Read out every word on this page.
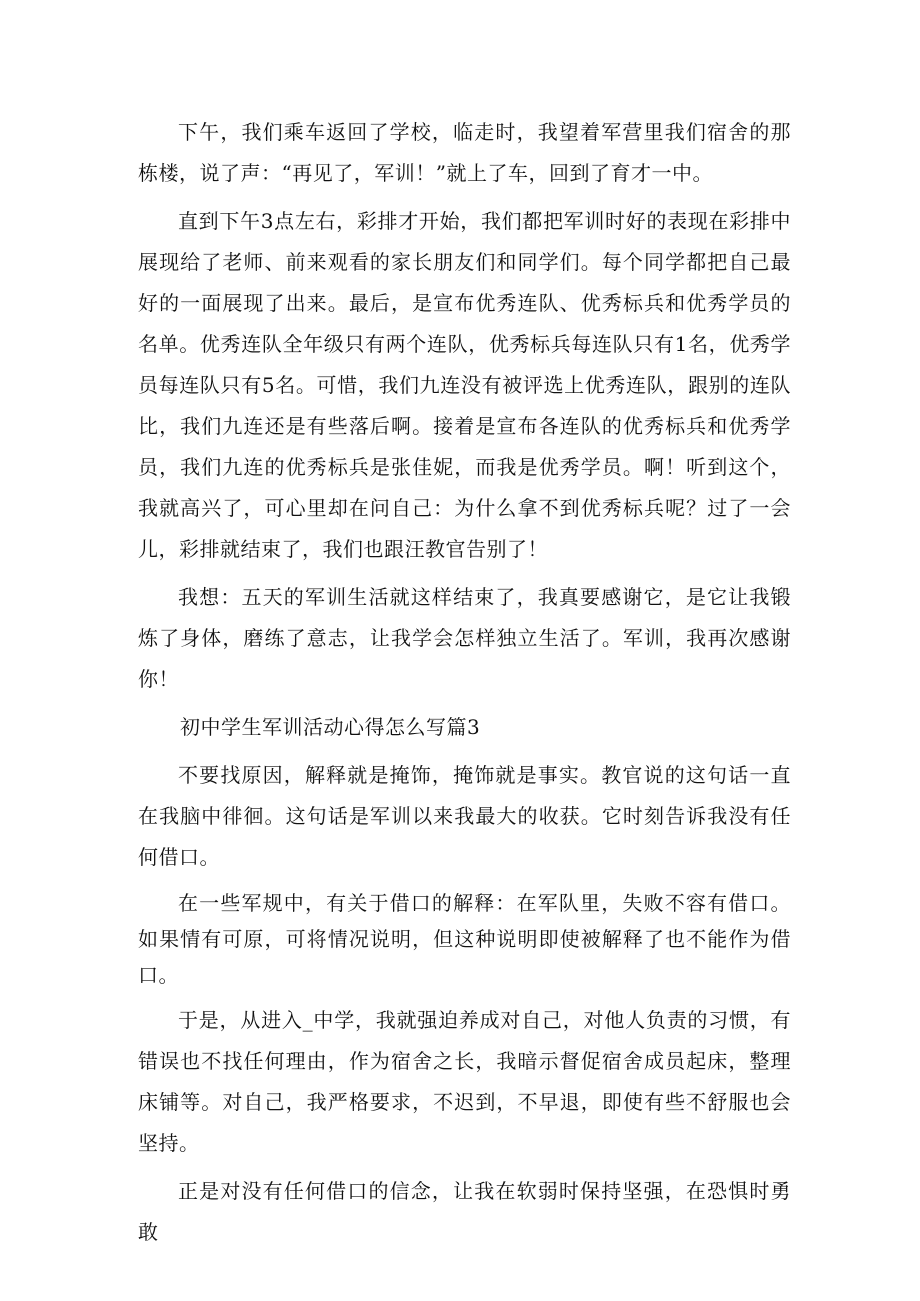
下午，我们乘车返回了学校，临走时，我望着军营里我们宿舍的那栋楼，说了声：“再见了，军训！”就上了车，回到了育才一中。

直到下午3点左右，彩排才开始，我们都把军训时好的表现在彩排中展现给了老师、前来观看的家长朋友们和同学们。每个同学都把自己最好的一面展现了出来。最后，是宣布优秀连队、优秀标兵和优秀学员的名单。优秀连队全年级只有两个连队，优秀标兵每连队只有1名，优秀学员每连队只有5名。可惜，我们九连没有被评选上优秀连队，跟别的连队比，我们九连还是有些落后啊。接着是宣布各连队的优秀标兵和优秀学员，我们九连的优秀标兵是张佳妮，而我是优秀学员。啊！听到这个，我就高兴了，可心里却在问自己：为什么拿不到优秀标兵呢？过了一会儿，彩排就结束了，我们也跟汪教官告别了！

我想：五天的军训生活就这样结束了，我真要感谢它，是它让我锻炼了身体，磨练了意志，让我学会怎样独立生活了。军训，我再次感谢你！

初中学生军训活动心得怎么写篇3

不要找原因，解释就是掩饰，掩饰就是事实。教官说的这句话一直在我脑中徘徊。这句话是军训以来我最大的收获。它时刻告诉我没有任何借口。

在一些军规中，有关于借口的解释：在军队里，失败不容有借口。如果情有可原，可将情况说明，但这种说明即使被解释了也不能作为借口。

于是，从进入_中学，我就强迫养成对自己，对他人负责的习惯，有错误也不找任何理由，作为宿舍之长，我暗示督促宿舍成员起床，整理床铺等。对自己，我严格要求，不迟到，不早退，即使有些不舒服也会坚持。

正是对没有任何借口的信念，让我在软弱时保持坚强，在恐惧时勇敢
